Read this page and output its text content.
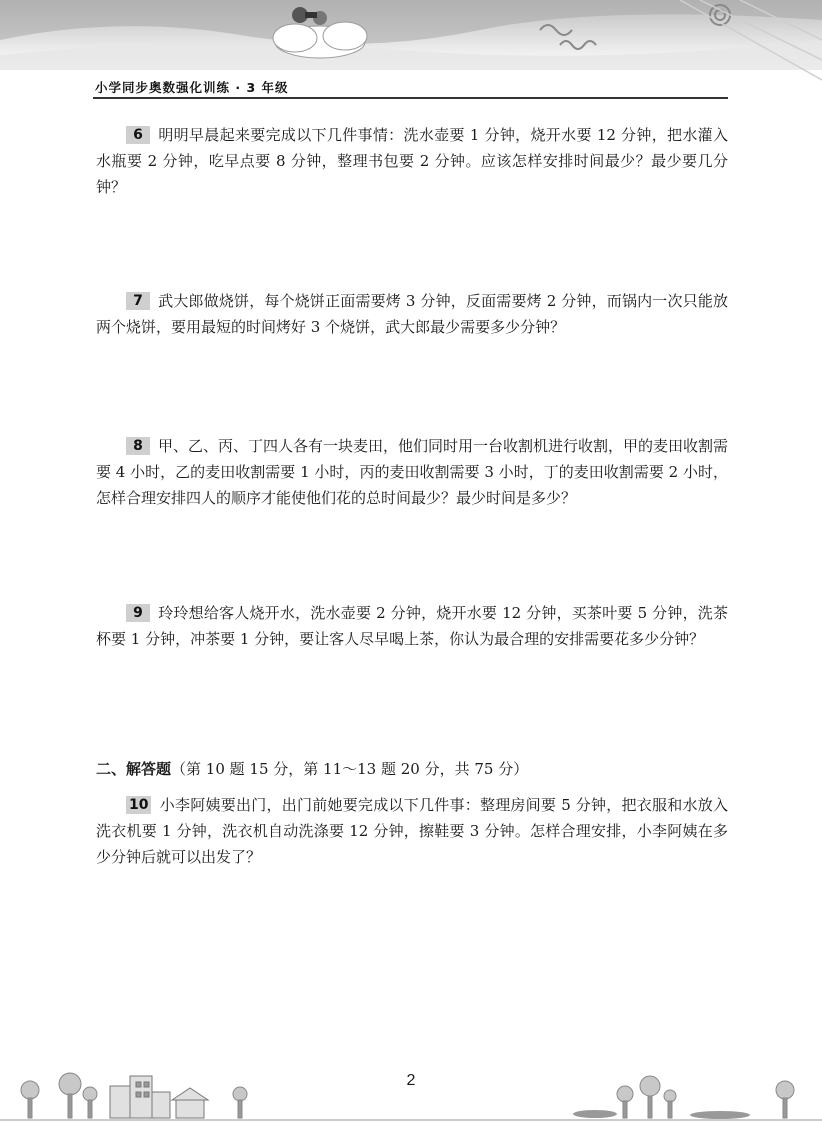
小学同步奥数强化训练 · 3 年级
6 明明早晨起来要完成以下几件事情：洗水壶要 1 分钟，烧开水要 12 分钟，把水灌入水瓶要 2 分钟，吃早点要 8 分钟，整理书包要 2 分钟。应该怎样安排时间最少？最少要几分钟？
7 武大郎做烧饼，每个烧饼正面需要烤 3 分钟，反面需要烤 2 分钟，而锅内一次只能放两个烧饼，要用最短的时间烤好 3 个烧饼，武大郎最少需要多少分钟？
8 甲、乙、丙、丁四人各有一块麦田，他们同时用一台收割机进行收割，甲的麦田收割需要 4 小时，乙的麦田收割需要 1 小时，丙的麦田收割需要 3 小时，丁的麦田收割需要 2 小时，怎样合理安排四人的顺序才能使他们花的总时间最少？最少时间是多少？
9 玲玲想给客人烧开水，洗水壶要 2 分钟，烧开水要 12 分钟，买茶叶要 5 分钟，洗茶杯要 1 分钟，冲茶要 1 分钟，要让客人尽早喝上茶，你认为最合理的安排需要花多少分钟？
二、解答题（第 10 题 15 分，第 11～13 题 20 分，共 75 分）
10 小李阿姨要出门，出门前她要完成以下几件事：整理房间要 5 分钟，把衣服和水放入洗衣机要 1 分钟，洗衣机自动洗涤要 12 分钟，擦鞋要 3 分钟。怎样合理安排，小李阿姨在多少分钟后就可以出发了？
2
